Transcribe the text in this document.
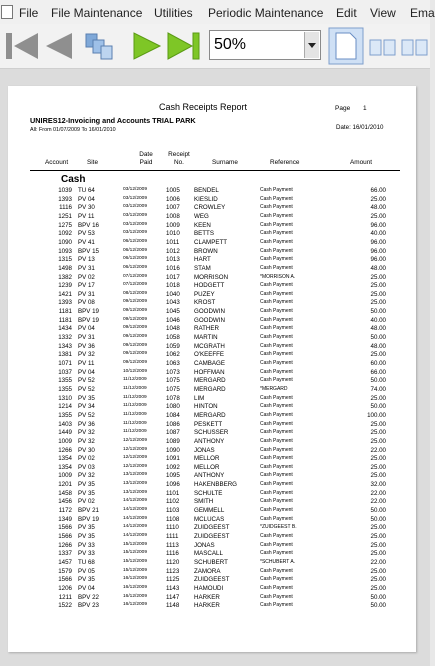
File File Maintenance Utilities Periodic Maintenance Edit View Ema
50%
Cash Receipts Report	Page 1
UNIRES12-Invoicing and Accounts TRIAL PARK
Date: 16/01/2010
All: From 01/07/2009 To 16/01/2010
Account	Site
Date Paid
Receipt No.	Surname	Reference	Amount
Cash
1039 TU 64	03/12/2009	1005 BENDEL	Cash Payment	66.00
1393 PV 04	03/12/2009	1006 KIESLID	Cash Payment	25.00
1116 PV 30	03/12/2009	1007 CROWLEY	Cash Payment	48.00
1251 PV 11	03/12/2009	1008 WEG	Cash Payment	25.00
1275 BPV 16	03/12/2009	1009 KEEN	Cash Payment	96.00
1092 PV 53	03/12/2009	1010 BETTS	Cash Payment	40.00
1090 PV 41	06/12/2009	1011 CLAMPETT	Cash Payment	96.00
1093 BPV 15	06/12/2009	1012 BROWN	Cash Payment	96.00
1315 PV 13	06/12/2009	1013 HART	Cash Payment	96.00
1498 PV 31	06/12/2009	1016 STAM	Cash Payment	48.00
1382 PV 02	07/12/2009	1017 MORRISON	*MORRISON A.	25.00
1239 PV 17	07/12/2009	1018 HODGETT	Cash Payment	25.00
1421 PV 31	08/12/2009	1040 PUZEY	Cash Payment	25.00
1393 PV 08	09/12/2009	1043 KROST	Cash Payment	25.00
1181 BPV 19	09/12/2009	1045 GOODWIN	Cash Payment	50.00
1181 BPV 19	09/12/2009	1046 GOODWIN	Cash Payment	40.00
1434 PV 04	09/12/2009	1048 RATHER	Cash Payment	48.00
1332 PV 31	09/12/2009	1058 MARTIN	Cash Payment	50.00
1343 PV 36	09/12/2009	1059 MCGRATH	Cash Payment	48.00
1381 PV 32	09/12/2009	1062 O'KEEFFE	Cash Payment	25.00
1071 PV 11	09/12/2009	1063 CAMBAGE	Cash Payment	60.00
1037 PV 04	10/12/2009	1073 HOFFMAN	Cash Payment	66.00
1355 PV 52	11/12/2009	1075 MERGARD	Cash Payment	50.00
1355 PV 52	11/12/2009	1075 MERGARD	*MERGARD	74.00
1310 PV 35	11/12/2009	1078 LIM	Cash Payment	25.00
1214 PV 34	11/12/2009	1080 HINTON	Cash Payment	50.00
1355 PV 52	11/12/2009	1084 MERGARD	Cash Payment	100.00
1403 PV 36	11/12/2009	1086 PESKETT	Cash Payment	25.00
1449 PV 32	11/12/2009	1087 SCHUSSER	Cash Payment	25.00
1009 PV 32	12/12/2009	1089 ANTHONY	Cash Payment	25.00
1266 PV 30	12/12/2009	1090 JONAS	Cash Payment	22.00
1354 PV 02	12/12/2009	1091 MELLOR	Cash Payment	25.00
1354 PV 03	12/12/2009	1092 MELLOR	Cash Payment	25.00
1009 PV 32	13/12/2009	1095 ANTHONY	Cash Payment	25.00
1201 PV 35	13/12/2009	1096 HAKENBBERG	Cash Payment	32.00
1458 PV 35	13/12/2009	1101 SCHULTE	Cash Payment	22.00
1456 PV 02	14/12/2009	1102 SMITH	Cash Payment	22.00
1172 BPV 21	14/12/2009	1103 GEMMELL	Cash Payment	50.00
1349 BPV 19	14/12/2009	1108 MCLUCAS	Cash Payment	50.00
1566 PV 35	14/12/2009	1110 ZUIDGEEST	*ZUIDGEEST B.	25.00
1566 PV 35	14/12/2009	1111	ZUIDGEEST	Cash Payment	25.00
1266 PV 33	15/12/2009	1113 JONAS	Cash Payment	25.00
1337 PV 33	15/12/2009	1116 MASCALL	Cash Payment	25.00
1457 TU 68	15/12/2009	1120 SCHUBERT	*SCHUBERT A.	22.00
1579 PV 05	15/12/2009	1123 ZAMORA	Cash Payment	25.00
1566 PV 35	16/12/2009	1125 ZUIDGEEST	Cash Payment	25.00
1206 PV 04	16/12/2009	1143 HAMOUDI	Cash Payment	25.00
1211 BPV 22	16/12/2009	1147 HARKER	Cash Payment	50.00
1522 BPV 23	16/12/2009	1148 HARKER	Cash Payment	50.00
